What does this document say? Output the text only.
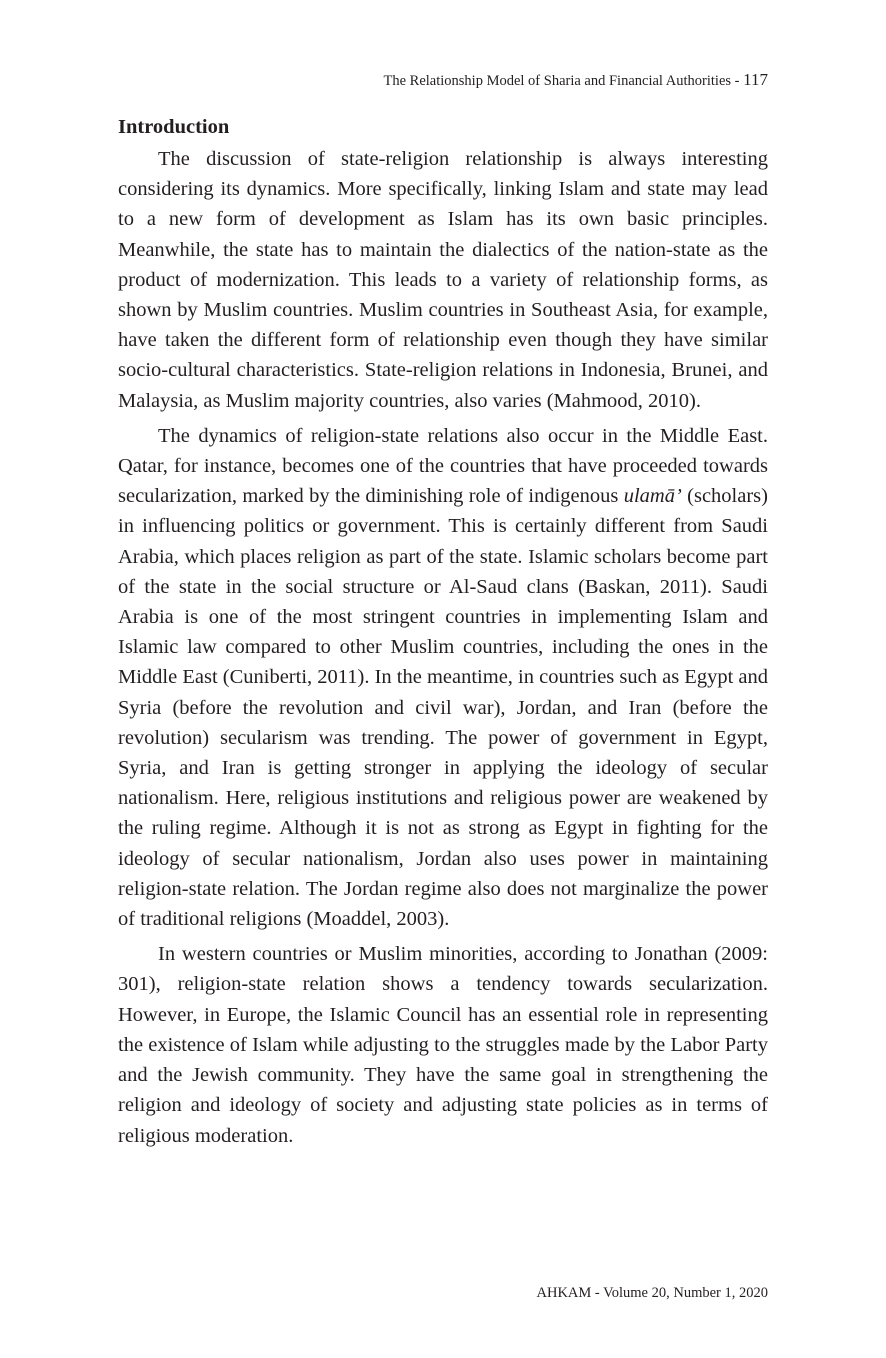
The Relationship Model of Sharia and Financial Authorities - 117
Introduction

The discussion of state-religion relationship is always interesting considering its dynamics. More specifically, linking Islam and state may lead to a new form of development as Islam has its own basic principles. Meanwhile, the state has to maintain the dialectics of the nation-state as the product of modernization. This leads to a variety of relationship forms, as shown by Muslim countries. Muslim countries in Southeast Asia, for example, have taken the different form of relationship even though they have similar socio-cultural characteristics. State-religion relations in Indonesia, Brunei, and Malaysia, as Muslim majority countries, also varies (Mahmood, 2010).

The dynamics of religion-state relations also occur in the Middle East. Qatar, for instance, becomes one of the countries that have proceeded towards secularization, marked by the diminishing role of indigenous ulamā’ (scholars) in influencing politics or government. This is certainly different from Saudi Arabia, which places religion as part of the state. Islamic scholars become part of the state in the social structure or Al-Saud clans (Baskan, 2011). Saudi Arabia is one of the most stringent countries in implementing Islam and Islamic law compared to other Muslim countries, including the ones in the Middle East (Cuniberti, 2011). In the meantime, in countries such as Egypt and Syria (before the revolution and civil war), Jordan, and Iran (before the revolution) secularism was trending. The power of government in Egypt, Syria, and Iran is getting stronger in applying the ideology of secular nationalism. Here, religious institutions and religious power are weakened by the ruling regime. Although it is not as strong as Egypt in fighting for the ideology of secular nationalism, Jordan also uses power in maintaining religion-state relation. The Jordan regime also does not marginalize the power of traditional religions (Moaddel, 2003).

In western countries or Muslim minorities, according to Jonathan (2009: 301), religion-state relation shows a tendency towards secularization. However, in Europe, the Islamic Council has an essential role in representing the existence of Islam while adjusting to the struggles made by the Labor Party and the Jewish community. They have the same goal in strengthening the religion and ideology of society and adjusting state policies as in terms of religious moderation.

AHKAM - Volume 20, Number 1, 2020
